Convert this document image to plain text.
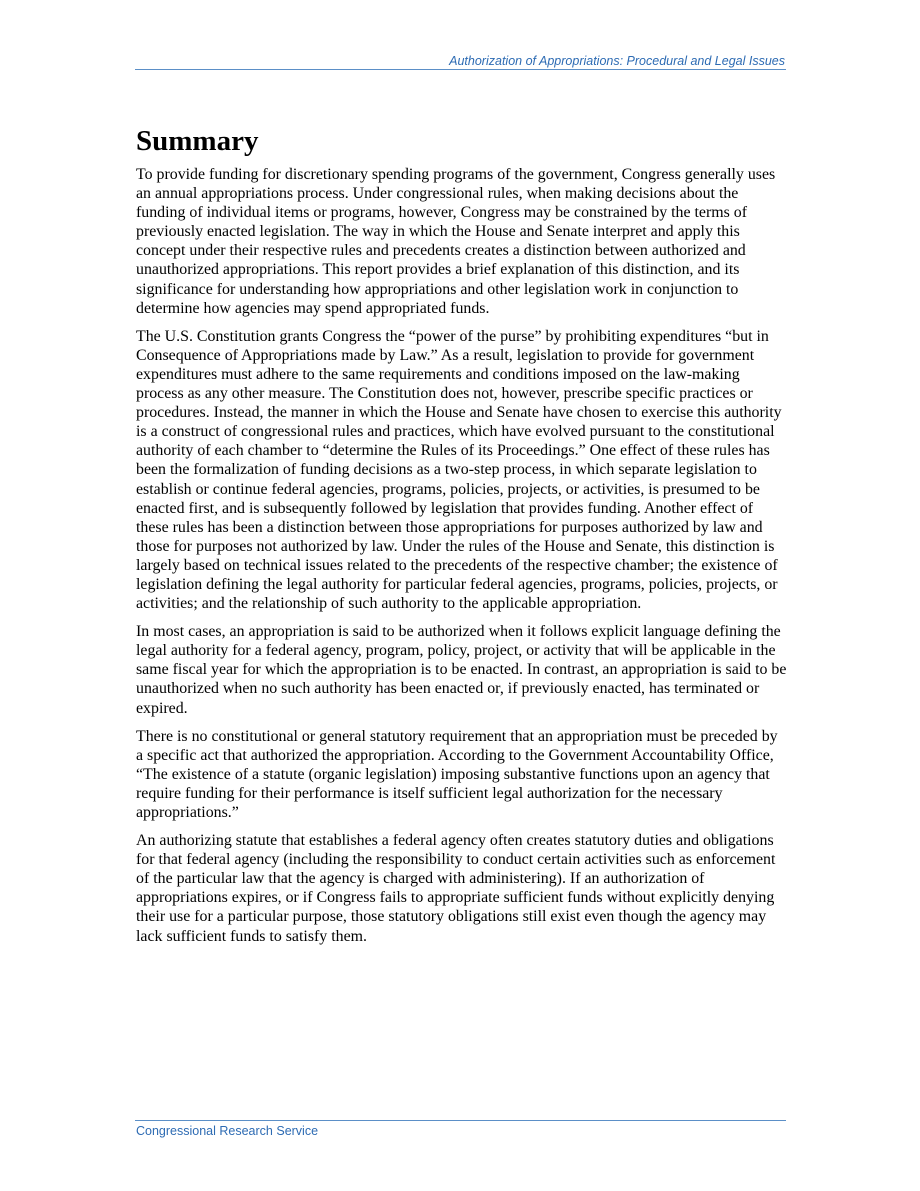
Authorization of Appropriations: Procedural and Legal Issues
Summary

To provide funding for discretionary spending programs of the government, Congress generally uses an annual appropriations process. Under congressional rules, when making decisions about the funding of individual items or programs, however, Congress may be constrained by the terms of previously enacted legislation. The way in which the House and Senate interpret and apply this concept under their respective rules and precedents creates a distinction between authorized and unauthorized appropriations. This report provides a brief explanation of this distinction, and its significance for understanding how appropriations and other legislation work in conjunction to determine how agencies may spend appropriated funds.

The U.S. Constitution grants Congress the “power of the purse” by prohibiting expenditures “but in Consequence of Appropriations made by Law.” As a result, legislation to provide for government expenditures must adhere to the same requirements and conditions imposed on the law-making process as any other measure. The Constitution does not, however, prescribe specific practices or procedures. Instead, the manner in which the House and Senate have chosen to exercise this authority is a construct of congressional rules and practices, which have evolved pursuant to the constitutional authority of each chamber to “determine the Rules of its Proceedings.” One effect of these rules has been the formalization of funding decisions as a two-step process, in which separate legislation to establish or continue federal agencies, programs, policies, projects, or activities, is presumed to be enacted first, and is subsequently followed by legislation that provides funding. Another effect of these rules has been a distinction between those appropriations for purposes authorized by law and those for purposes not authorized by law. Under the rules of the House and Senate, this distinction is largely based on technical issues related to the precedents of the respective chamber; the existence of legislation defining the legal authority for particular federal agencies, programs, policies, projects, or activities; and the relationship of such authority to the applicable appropriation.

In most cases, an appropriation is said to be authorized when it follows explicit language defining the legal authority for a federal agency, program, policy, project, or activity that will be applicable in the same fiscal year for which the appropriation is to be enacted. In contrast, an appropriation is said to be unauthorized when no such authority has been enacted or, if previously enacted, has terminated or expired.

There is no constitutional or general statutory requirement that an appropriation must be preceded by a specific act that authorized the appropriation. According to the Government Accountability Office, “The existence of a statute (organic legislation) imposing substantive functions upon an agency that require funding for their performance is itself sufficient legal authorization for the necessary appropriations.”

An authorizing statute that establishes a federal agency often creates statutory duties and obligations for that federal agency (including the responsibility to conduct certain activities such as enforcement of the particular law that the agency is charged with administering). If an authorization of appropriations expires, or if Congress fails to appropriate sufficient funds without explicitly denying their use for a particular purpose, those statutory obligations still exist even though the agency may lack sufficient funds to satisfy them.

Congressional Research Service
